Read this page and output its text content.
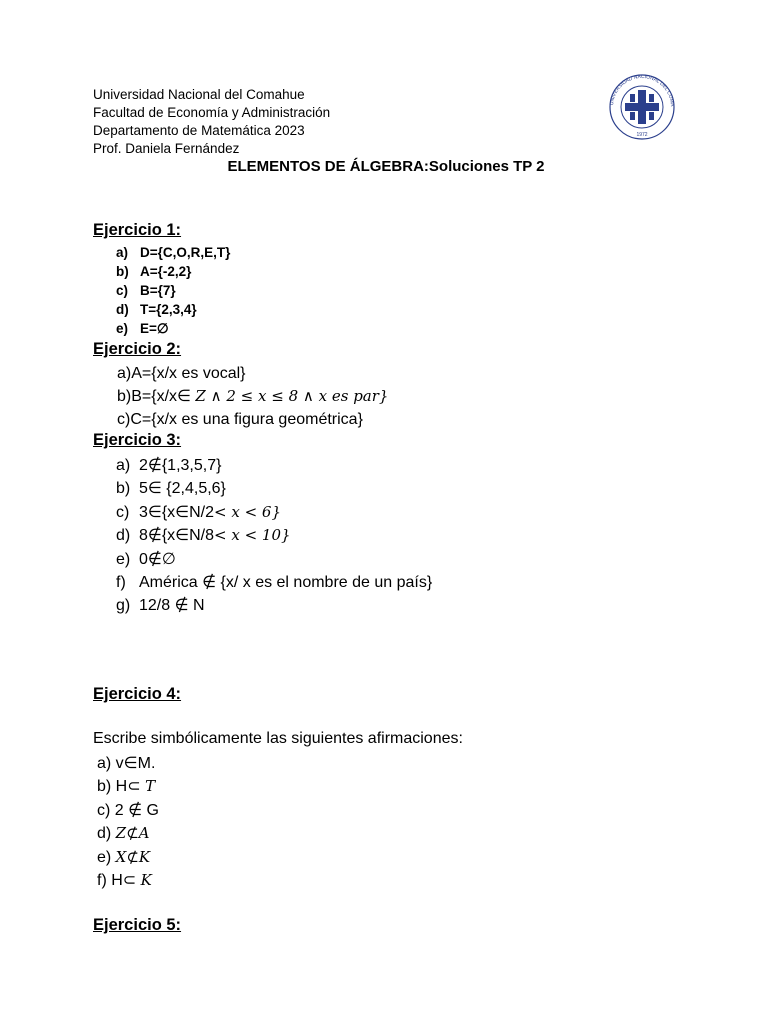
Universidad Nacional del Comahue
Facultad de Economía y Administración
Departamento de Matemática 2023
Prof. Daniela Fernández
UNIVERSIDAD NACIONAL DEL COMA
1972
ELEMENTOS DE ÁLGEBRA:Soluciones TP 2
Ejercicio 1:
a) D={C,O,R,E,T}
b) A={-2,2}
c) B={7}
d) T={2,3,4}
e) E=∅
Ejercicio 2:
a)A={x/x es vocal}
b)B={x/x∈ Z ∧ 2 ≤ x ≤ 8 ∧ x es par}
c)C={x/x es una figura geométrica}
Ejercicio 3:
a) 2∉{1,3,5,7}
b) 5∈ {2,4,5,6}
c) 3∈{x∈N/2< x < 6}
d) 8∉{x∈N/8< x < 10}
e) 0∉∅
f) América ∉ {x/ x es el nombre de un país}
g) 12/8 ∉ N
Ejercicio 4:
Escribe simbólicamente las siguientes afirmaciones:
a) v∈M.
b) H⊂ T
c) 2 ∉ G
d) Z⊄A
e) X⊄K
f) H⊂ K
Ejercicio 5:
